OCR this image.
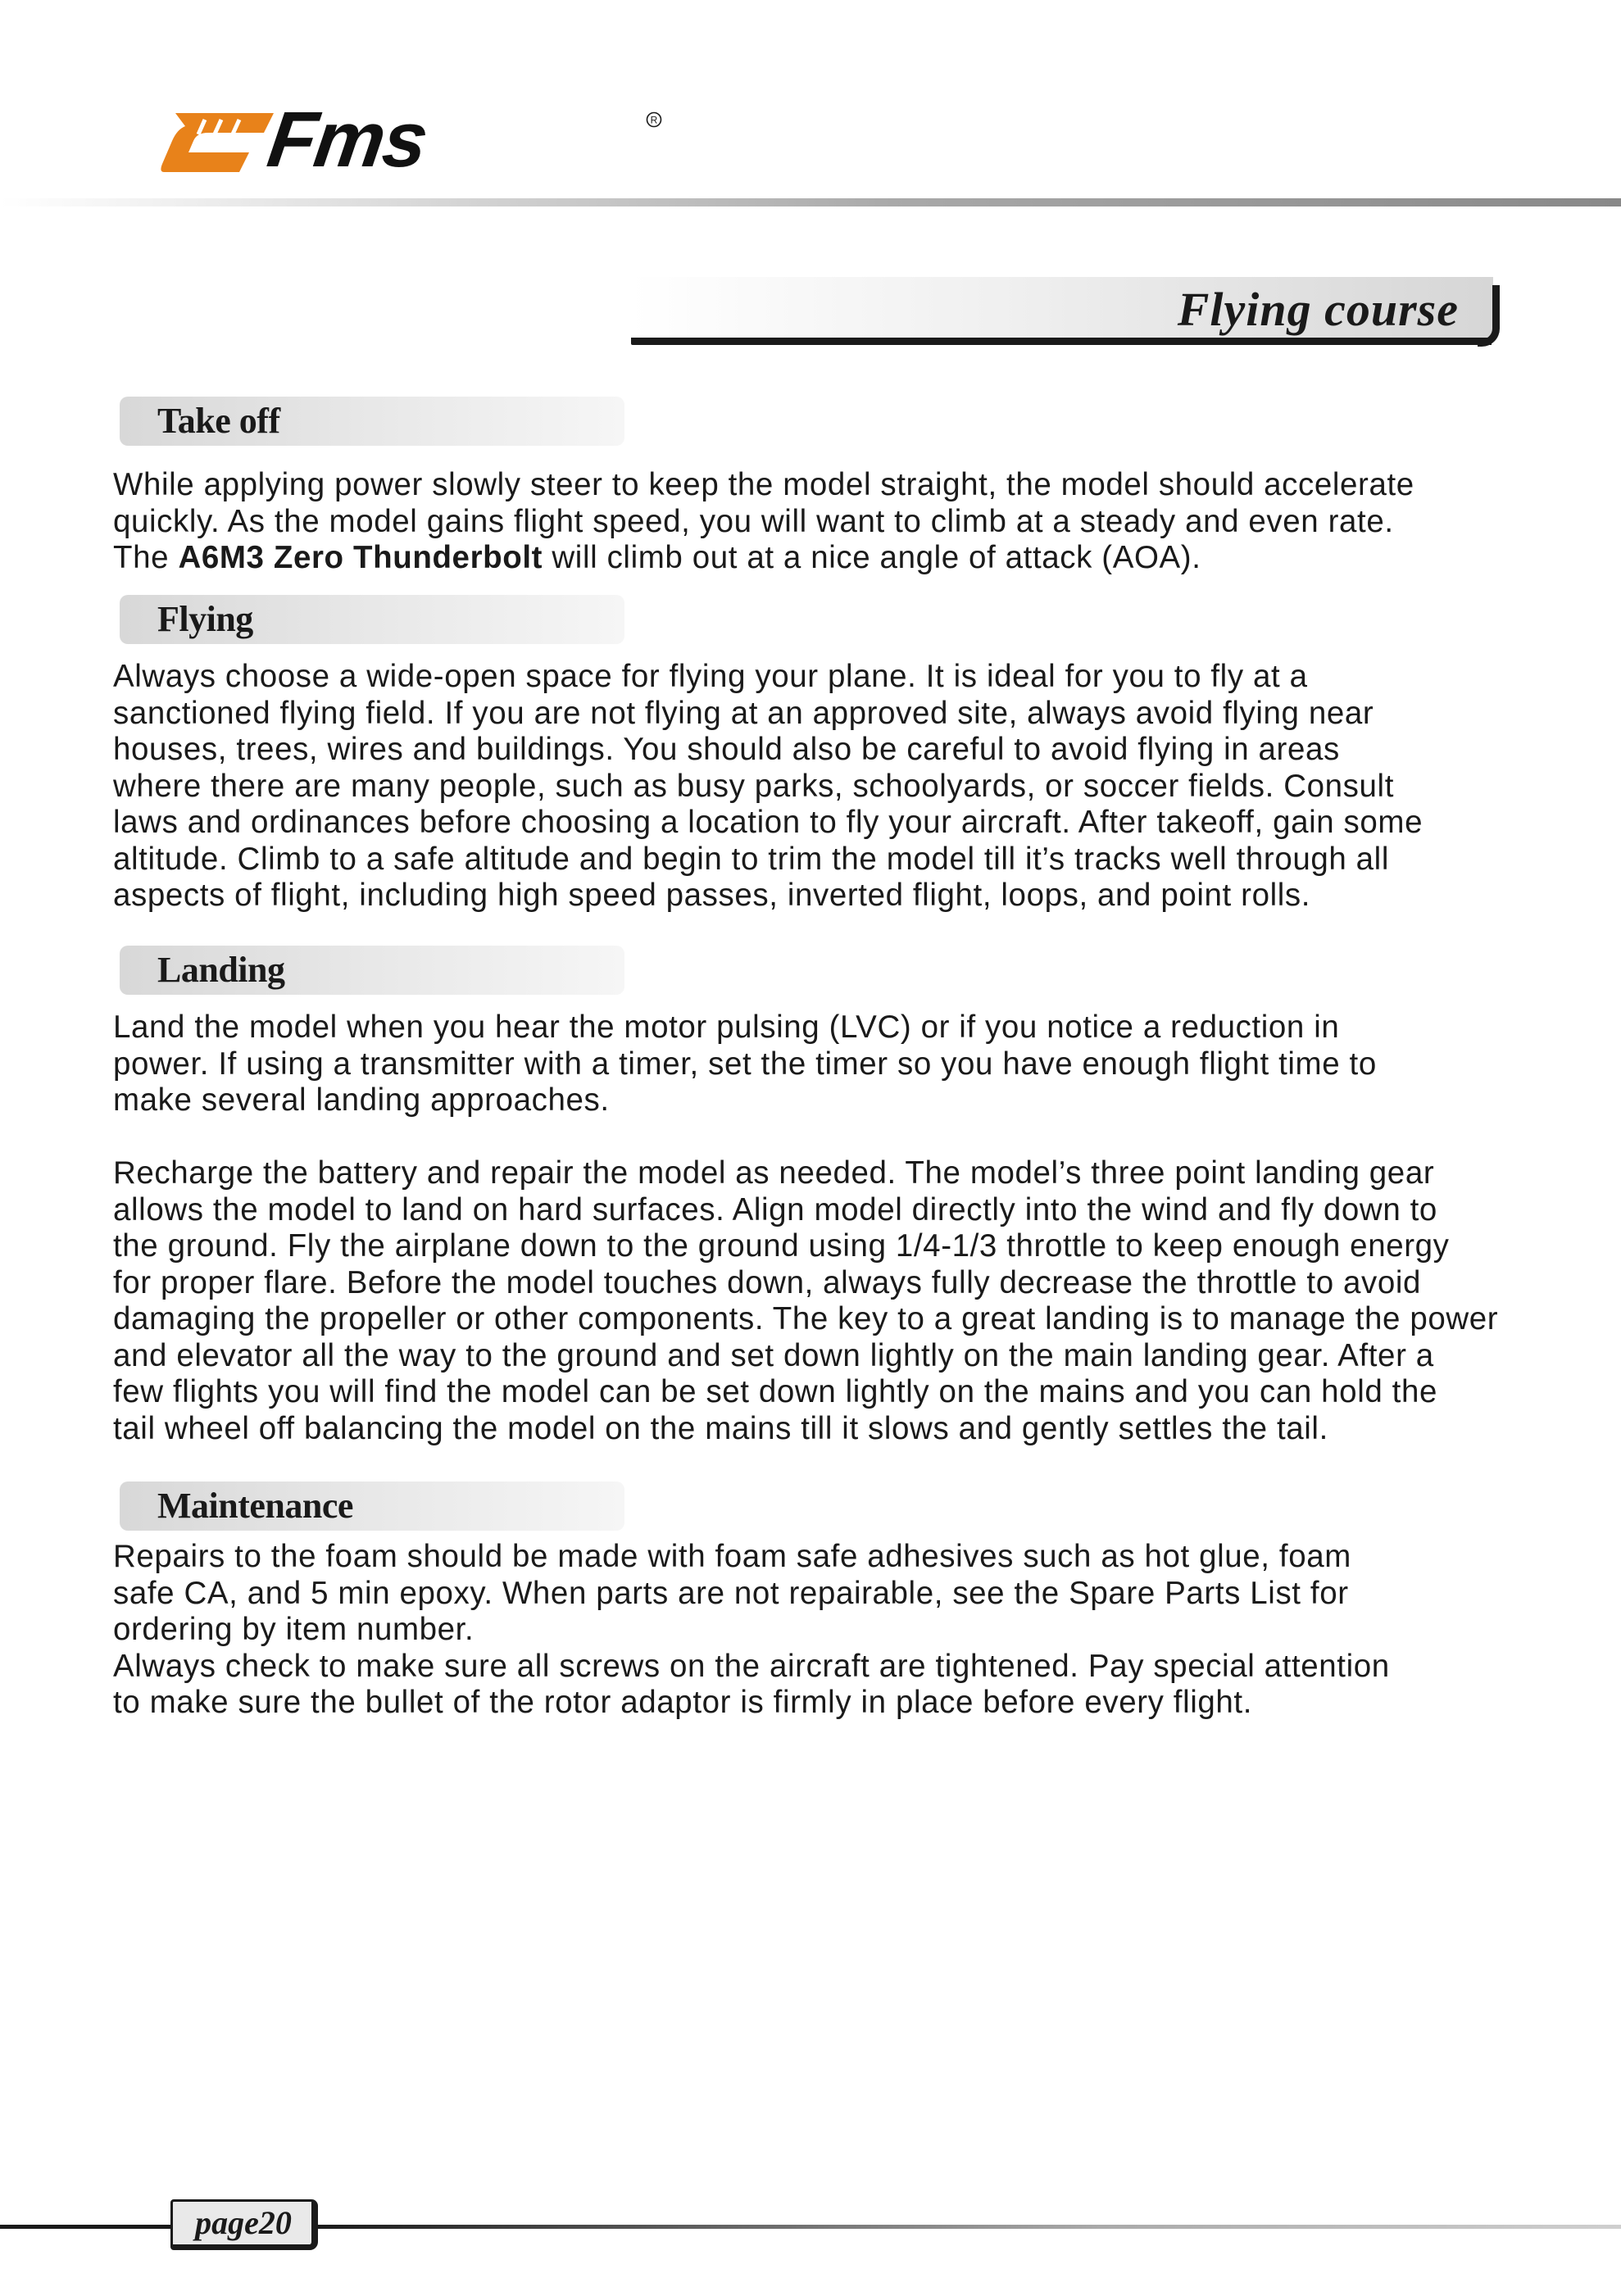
Fms	R
Flying course
Take off

While applying power slowly steer to keep the model straight, the model should accelerate

quickly. As the model gains flight speed, you will want to climb at a steady and even rate.

The A6M3 Zero Thunderbolt will climb out at a nice angle of attack (AOA).

Flying

Always choose a wide-open space for flying your plane. It is ideal for you to fly at a

sanctioned flying field. If you are not flying at an approved site, always avoid flying near

houses, trees, wires and buildings. You should also be careful to avoid flying in areas

where there are many people, such as busy parks, schoolyards, or soccer fields. Consult

laws and ordinances before choosing a location to fly your aircraft. After takeoff, gain some

altitude. Climb to a safe altitude and begin to trim the model till it’s tracks well through all

aspects of flight, including high speed passes, inverted flight, loops, and point rolls.

Landing

Land the model when you hear the motor pulsing (LVC) or if you notice a reduction in

power. If using a transmitter with a timer, set the timer so you have enough flight time to

make several landing approaches.

Recharge the battery and repair the model as needed. The model’s three point landing gear

allows the model to land on hard surfaces. Align model directly into the wind and fly down to

the ground. Fly the airplane down to the ground using 1/4-1/3 throttle to keep enough energy

for proper flare. Before the model touches down, always fully decrease the throttle to avoid

damaging the propeller or other components. The key to a great landing is to manage the power

and elevator all the way to the ground and set down lightly on the main landing gear. After a

few flights you will find the model can be set down lightly on the mains and you can hold the

tail wheel off balancing the model on the mains till it slows and gently settles the tail.

Maintenance

Repairs to the foam should be made with foam safe adhesives such as hot glue, foam

safe CA, and 5 min epoxy. When parts are not repairable, see the Spare Parts List for

ordering by item number.

Always check to make sure all screws on the aircraft are tightened. Pay special attention

to make sure the bullet of the rotor adaptor is firmly in place before every flight.

page20
